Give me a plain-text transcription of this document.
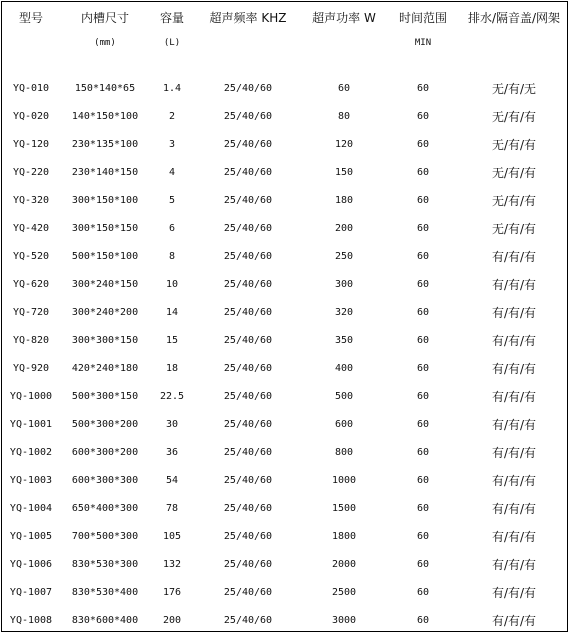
型号	内槽尺寸	容量	超声频率 KHZ	超声功率 W	时间范围	排水/隔音盖/网架
	(mm)	(L)			MIN	

YQ-010	150*140*65	1.4	25/40/60	60	60	无/有/无
YQ-020	140*150*100	2	25/40/60	80	60	无/有/有
YQ-120	230*135*100	3	25/40/60	120	60	无/有/有
YQ-220	230*140*150	4	25/40/60	150	60	无/有/有
YQ-320	300*150*100	5	25/40/60	180	60	无/有/有
YQ-420	300*150*150	6	25/40/60	200	60	无/有/有
YQ-520	500*150*100	8	25/40/60	250	60	有/有/有
YQ-620	300*240*150	10	25/40/60	300	60	有/有/有
YQ-720	300*240*200	14	25/40/60	320	60	有/有/有
YQ-820	300*300*150	15	25/40/60	350	60	有/有/有
YQ-920	420*240*180	18	25/40/60	400	60	有/有/有
YQ-1000	500*300*150	22.5	25/40/60	500	60	有/有/有
YQ-1001	500*300*200	30	25/40/60	600	60	有/有/有
YQ-1002	600*300*200	36	25/40/60	800	60	有/有/有
YQ-1003	600*300*300	54	25/40/60	1000	60	有/有/有
YQ-1004	650*400*300	78	25/40/60	1500	60	有/有/有
YQ-1005	700*500*300	105	25/40/60	1800	60	有/有/有
YQ-1006	830*530*300	132	25/40/60	2000	60	有/有/有
YQ-1007	830*530*400	176	25/40/60	2500	60	有/有/有
YQ-1008	830*600*400	200	25/40/60	3000	60	有/有/有
